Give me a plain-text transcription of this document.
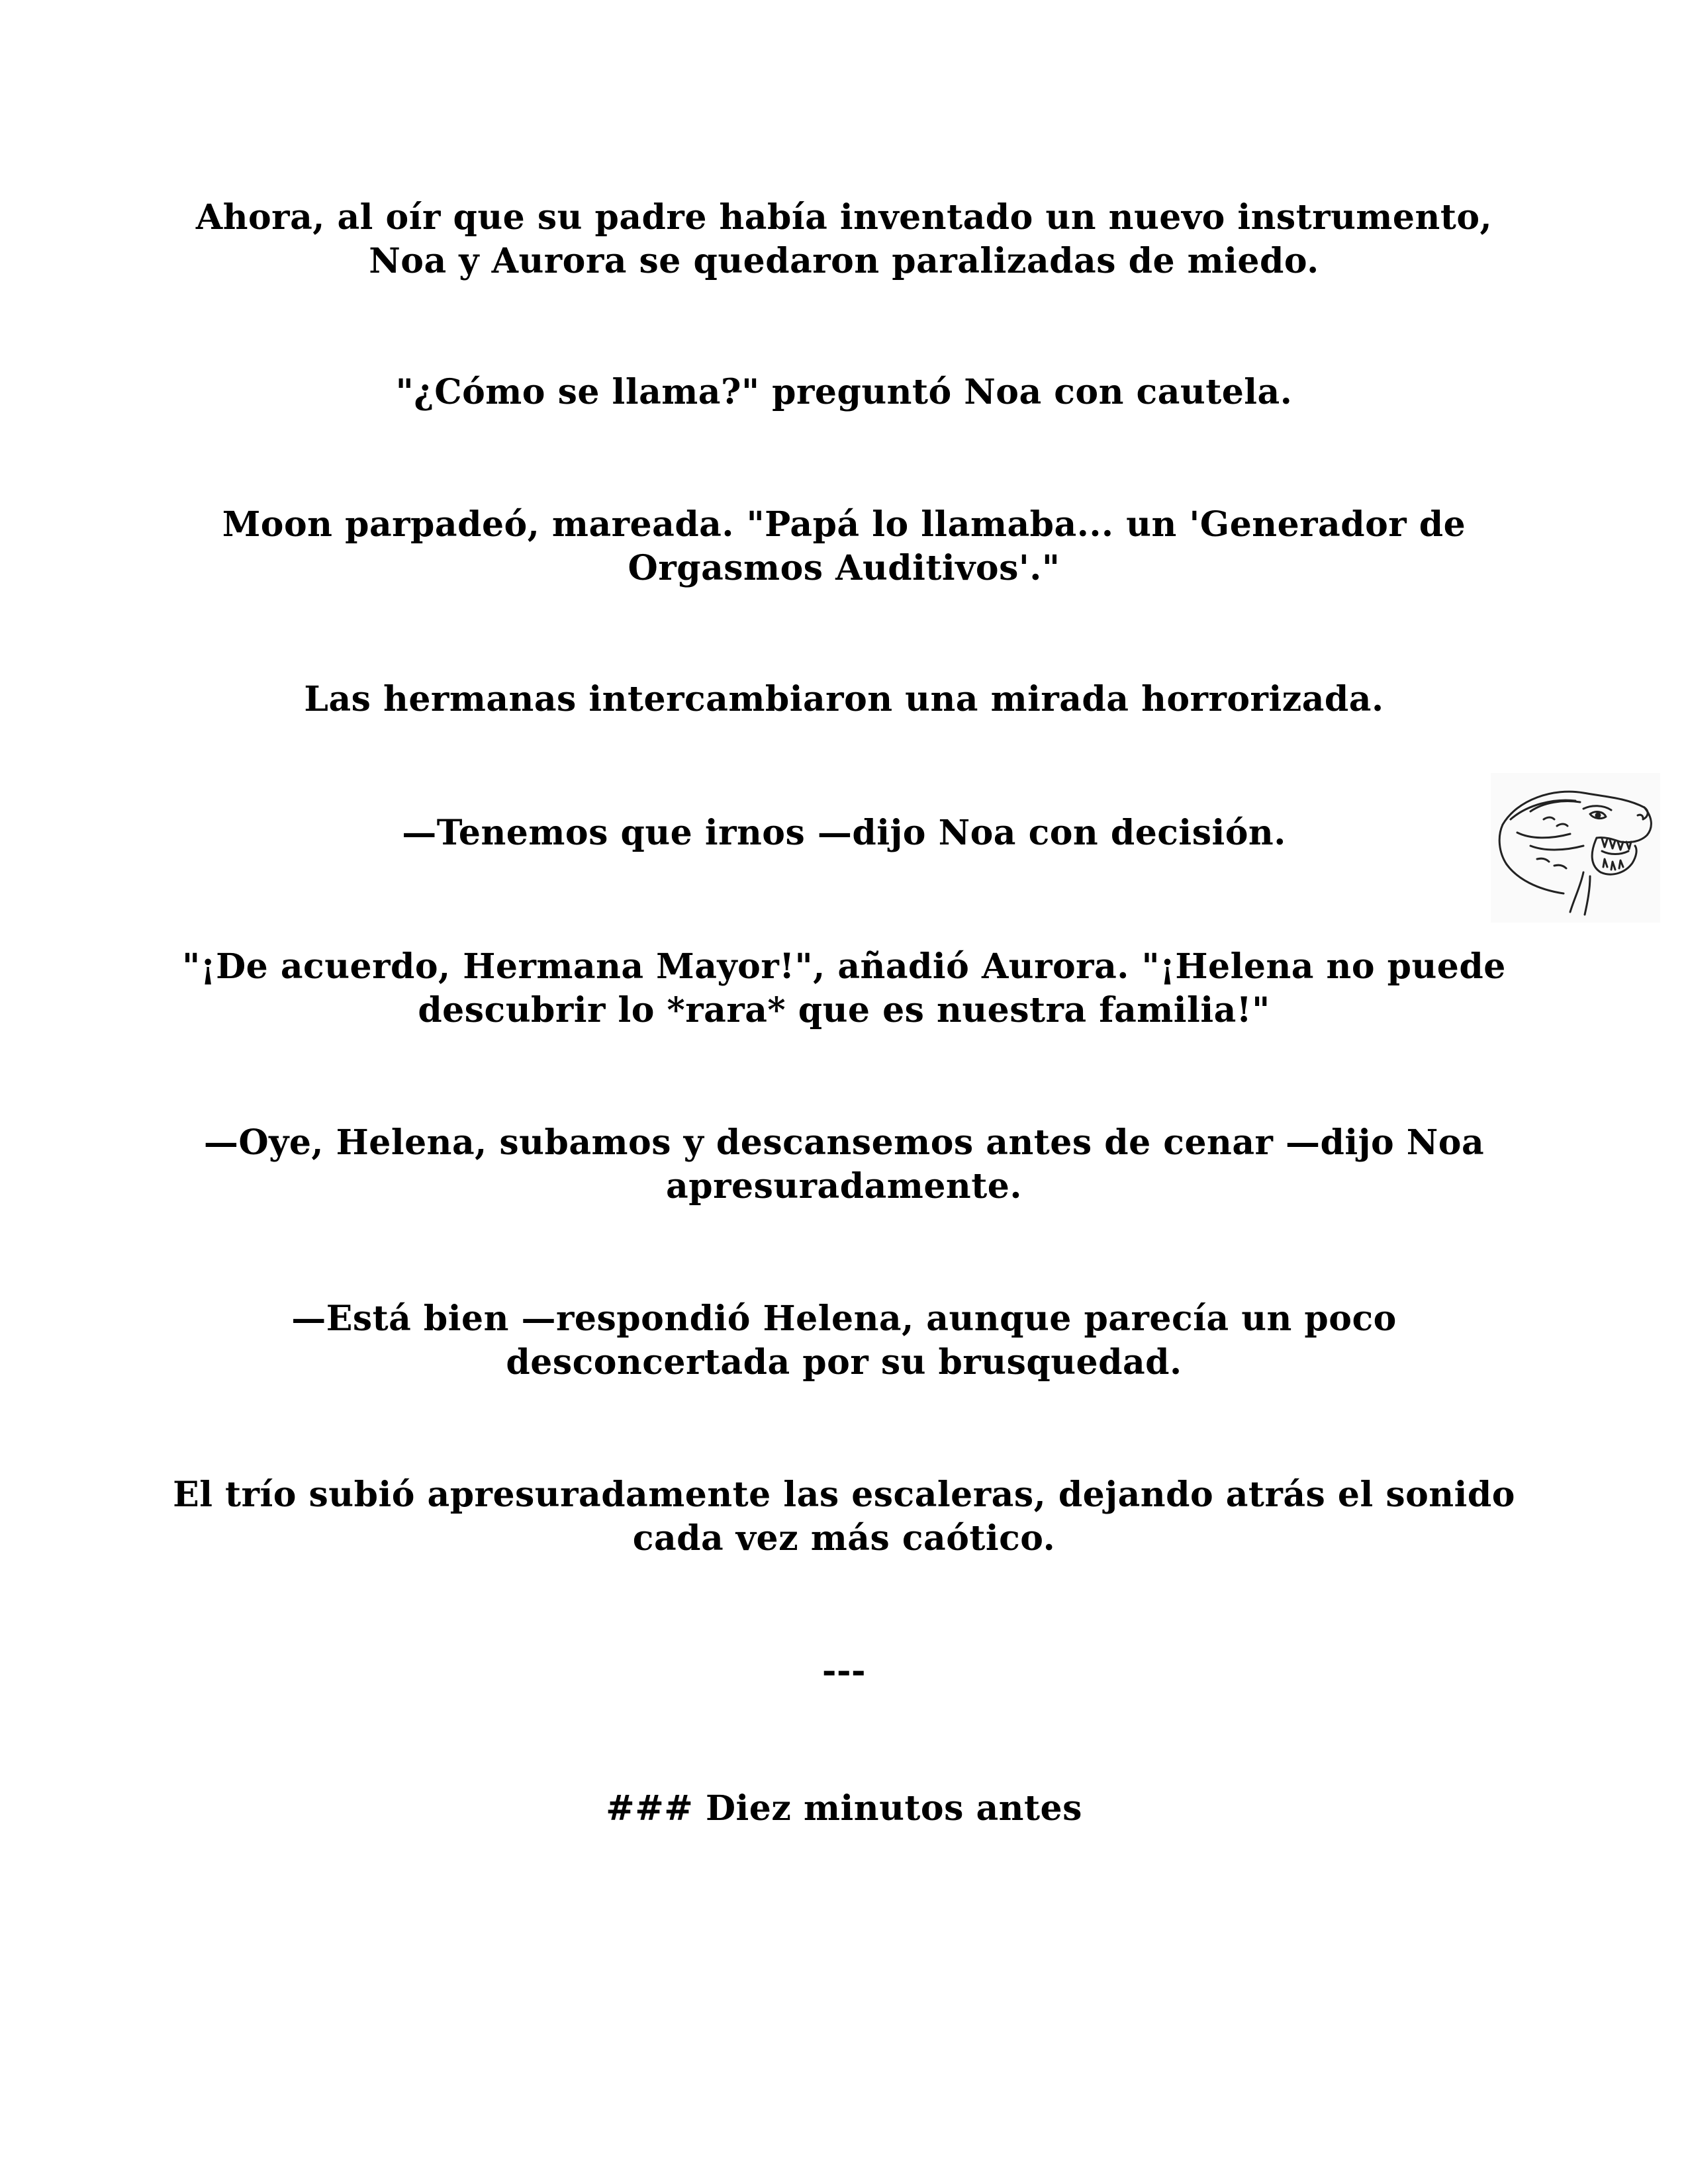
Ahora, al oír que su padre había inventado un nuevo instrumento, Noa y Aurora se quedaron paralizadas de miedo.

"¿Cómo se llama?" preguntó Noa con cautela.

Moon parpadeó, mareada. "Papá lo llamaba... un 'Generador de Orgasmos Auditivos'."

Las hermanas intercambiaron una mirada horrorizada.

—Tenemos que irnos —dijo Noa con decisión.

"¡De acuerdo, Hermana Mayor!", añadió Aurora. "¡Helena no puede descubrir lo *rara* que es nuestra familia!"

—Oye, Helena, subamos y descansemos antes de cenar —dijo Noa apresuradamente.

—Está bien —respondió Helena, aunque parecía un poco desconcertada por su brusquedad.

El trío subió apresuradamente las escaleras, dejando atrás el sonido cada vez más caótico.

---

### Diez minutos antes
